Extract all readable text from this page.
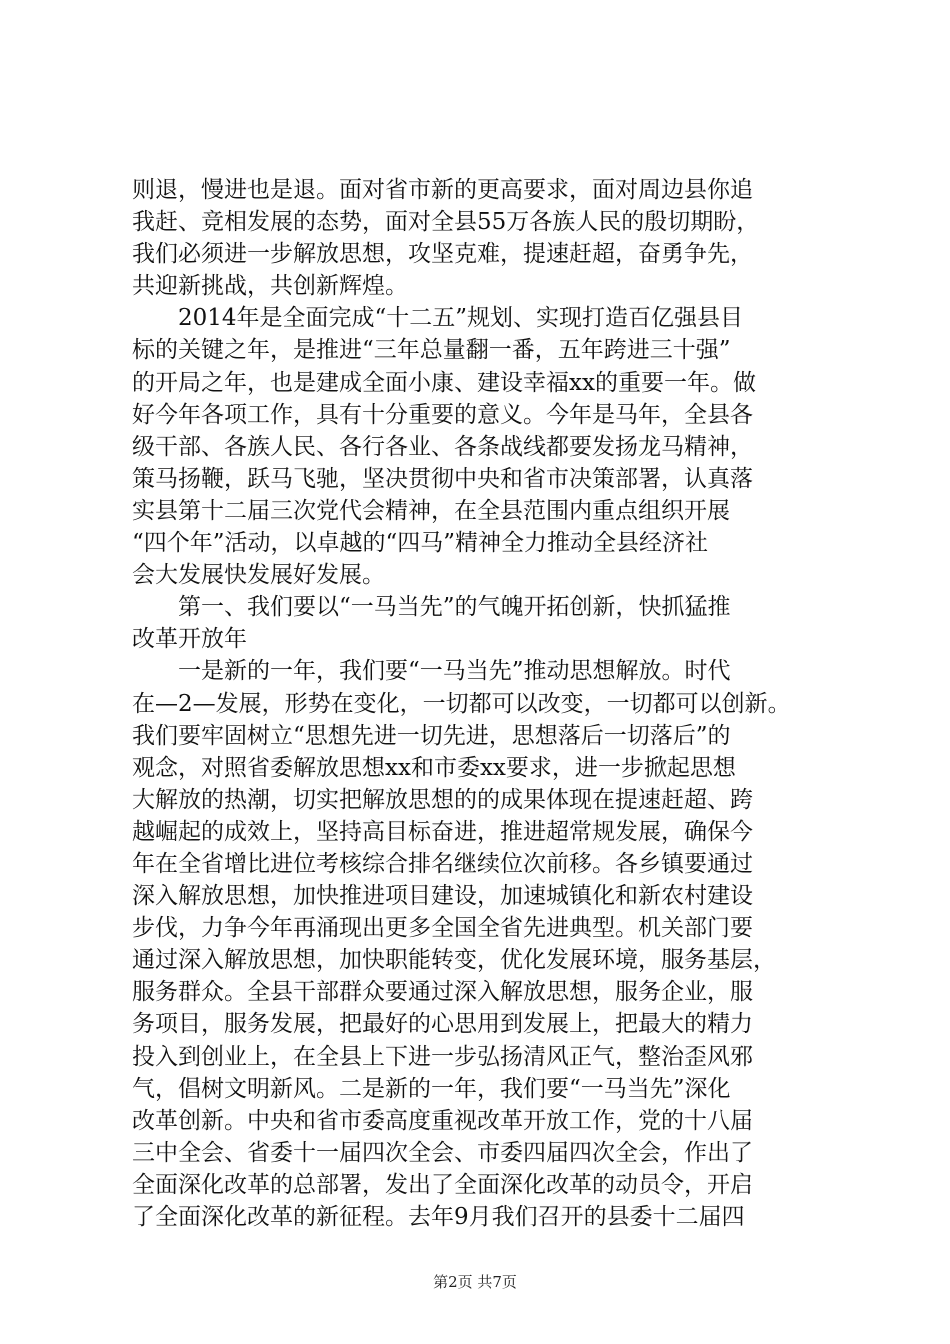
则退，慢进也是退。面对省市新的更高要求，面对周边县你追
我赶、竞相发展的态势，面对全县55万各族人民的殷切期盼，
我们必须进一步解放思想，攻坚克难，提速赶超，奋勇争先，
共迎新挑战，共创新辉煌。
　　2014年是全面完成“十二五”规划、实现打造百亿强县目
标的关键之年，是推进“三年总量翻一番，五年跨进三十强”
的开局之年，也是建成全面小康、建设幸福xx的重要一年。做
好今年各项工作，具有十分重要的意义。今年是马年，全县各
级干部、各族人民、各行各业、各条战线都要发扬龙马精神，
策马扬鞭，跃马飞驰，坚决贯彻中央和省市决策部署，认真落
实县第十二届三次党代会精神，在全县范围内重点组织开展
“四个年”活动，以卓越的“四马”精神全力推动全县经济社
会大发展快发展好发展。
　　第一、我们要以“一马当先”的气魄开拓创新，快抓猛推
改革开放年
　　一是新的一年，我们要“一马当先”推动思想解放。时代
在—2—发展，形势在变化，一切都可以改变，一切都可以创新。
我们要牢固树立“思想先进一切先进，思想落后一切落后”的
观念，对照省委解放思想xx和市委xx要求，进一步掀起思想
大解放的热潮，切实把解放思想的的成果体现在提速赶超、跨
越崛起的成效上，坚持高目标奋进，推进超常规发展，确保今
年在全省增比进位考核综合排名继续位次前移。各乡镇要通过
深入解放思想，加快推进项目建设，加速城镇化和新农村建设
步伐，力争今年再涌现出更多全国全省先进典型。机关部门要
通过深入解放思想，加快职能转变，优化发展环境，服务基层，
服务群众。全县干部群众要通过深入解放思想，服务企业，服
务项目，服务发展，把最好的心思用到发展上，把最大的精力
投入到创业上，在全县上下进一步弘扬清风正气，整治歪风邪
气，倡树文明新风。二是新的一年，我们要“一马当先”深化
改革创新。中央和省市委高度重视改革开放工作，党的十八届
三中全会、省委十一届四次全会、市委四届四次全会，作出了
全面深化改革的总部署，发出了全面深化改革的动员令，开启
了全面深化改革的新征程。去年9月我们召开的县委十二届四
第2页 共7页
